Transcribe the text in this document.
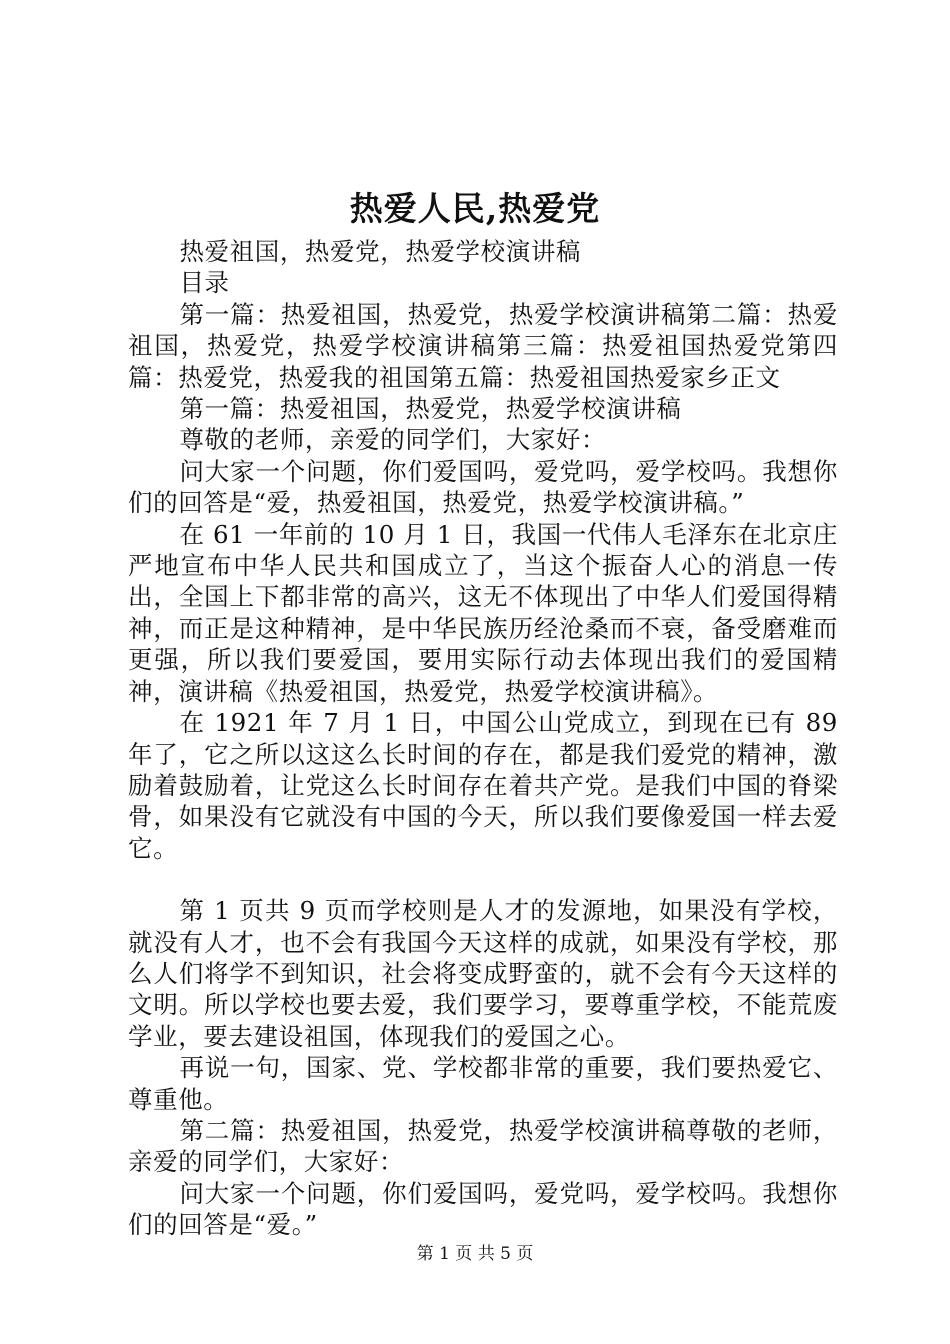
热爱人民,热爱党

热爱祖国，热爱党，热爱学校演讲稿

目录

第一篇：热爱祖国，热爱党，热爱学校演讲稿第二篇：热爱祖国，热爱党，热爱学校演讲稿第三篇：热爱祖国热爱党第四篇：热爱党，热爱我的祖国第五篇：热爱祖国热爱家乡正文

第一篇：热爱祖国，热爱党，热爱学校演讲稿

尊敬的老师，亲爱的同学们，大家好：

问大家一个问题，你们爱国吗，爱党吗，爱学校吗。我想你们的回答是“爱，热爱祖国，热爱党，热爱学校演讲稿。”

在 61 一年前的 10 月 1 日，我国一代伟人毛泽东在北京庄严地宣布中华人民共和国成立了，当这个振奋人心的消息一传出，全国上下都非常的高兴，这无不体现出了中华人们爱国得精神，而正是这种精神，是中华民族历经沧桑而不衰，备受磨难而更强，所以我们要爱国，要用实际行动去体现出我们的爱国精神，演讲稿《热爱祖国，热爱党，热爱学校演讲稿》。

在 1921 年 7 月 1 日，中国公山党成立，到现在已有 89 年了，它之所以这这么长时间的存在，都是我们爱党的精神，激励着鼓励着，让党这么长时间存在着共产党。是我们中国的脊梁骨，如果没有它就没有中国的今天，所以我们要像爱国一样去爱它。

第 1 页共 9 页而学校则是人才的发源地，如果没有学校，就没有人才，也不会有我国今天这样的成就，如果没有学校，那么人们将学不到知识，社会将变成野蛮的，就不会有今天这样的文明。所以学校也要去爱，我们要学习，要尊重学校，不能荒废学业，要去建设祖国，体现我们的爱国之心。

再说一句，国家、党、学校都非常的重要，我们要热爱它、尊重他。

第二篇：热爱祖国，热爱党，热爱学校演讲稿尊敬的老师，亲爱的同学们，大家好：

问大家一个问题，你们爱国吗，爱党吗，爱学校吗。我想你们的回答是“爱。”

第 1 页 共 5 页
